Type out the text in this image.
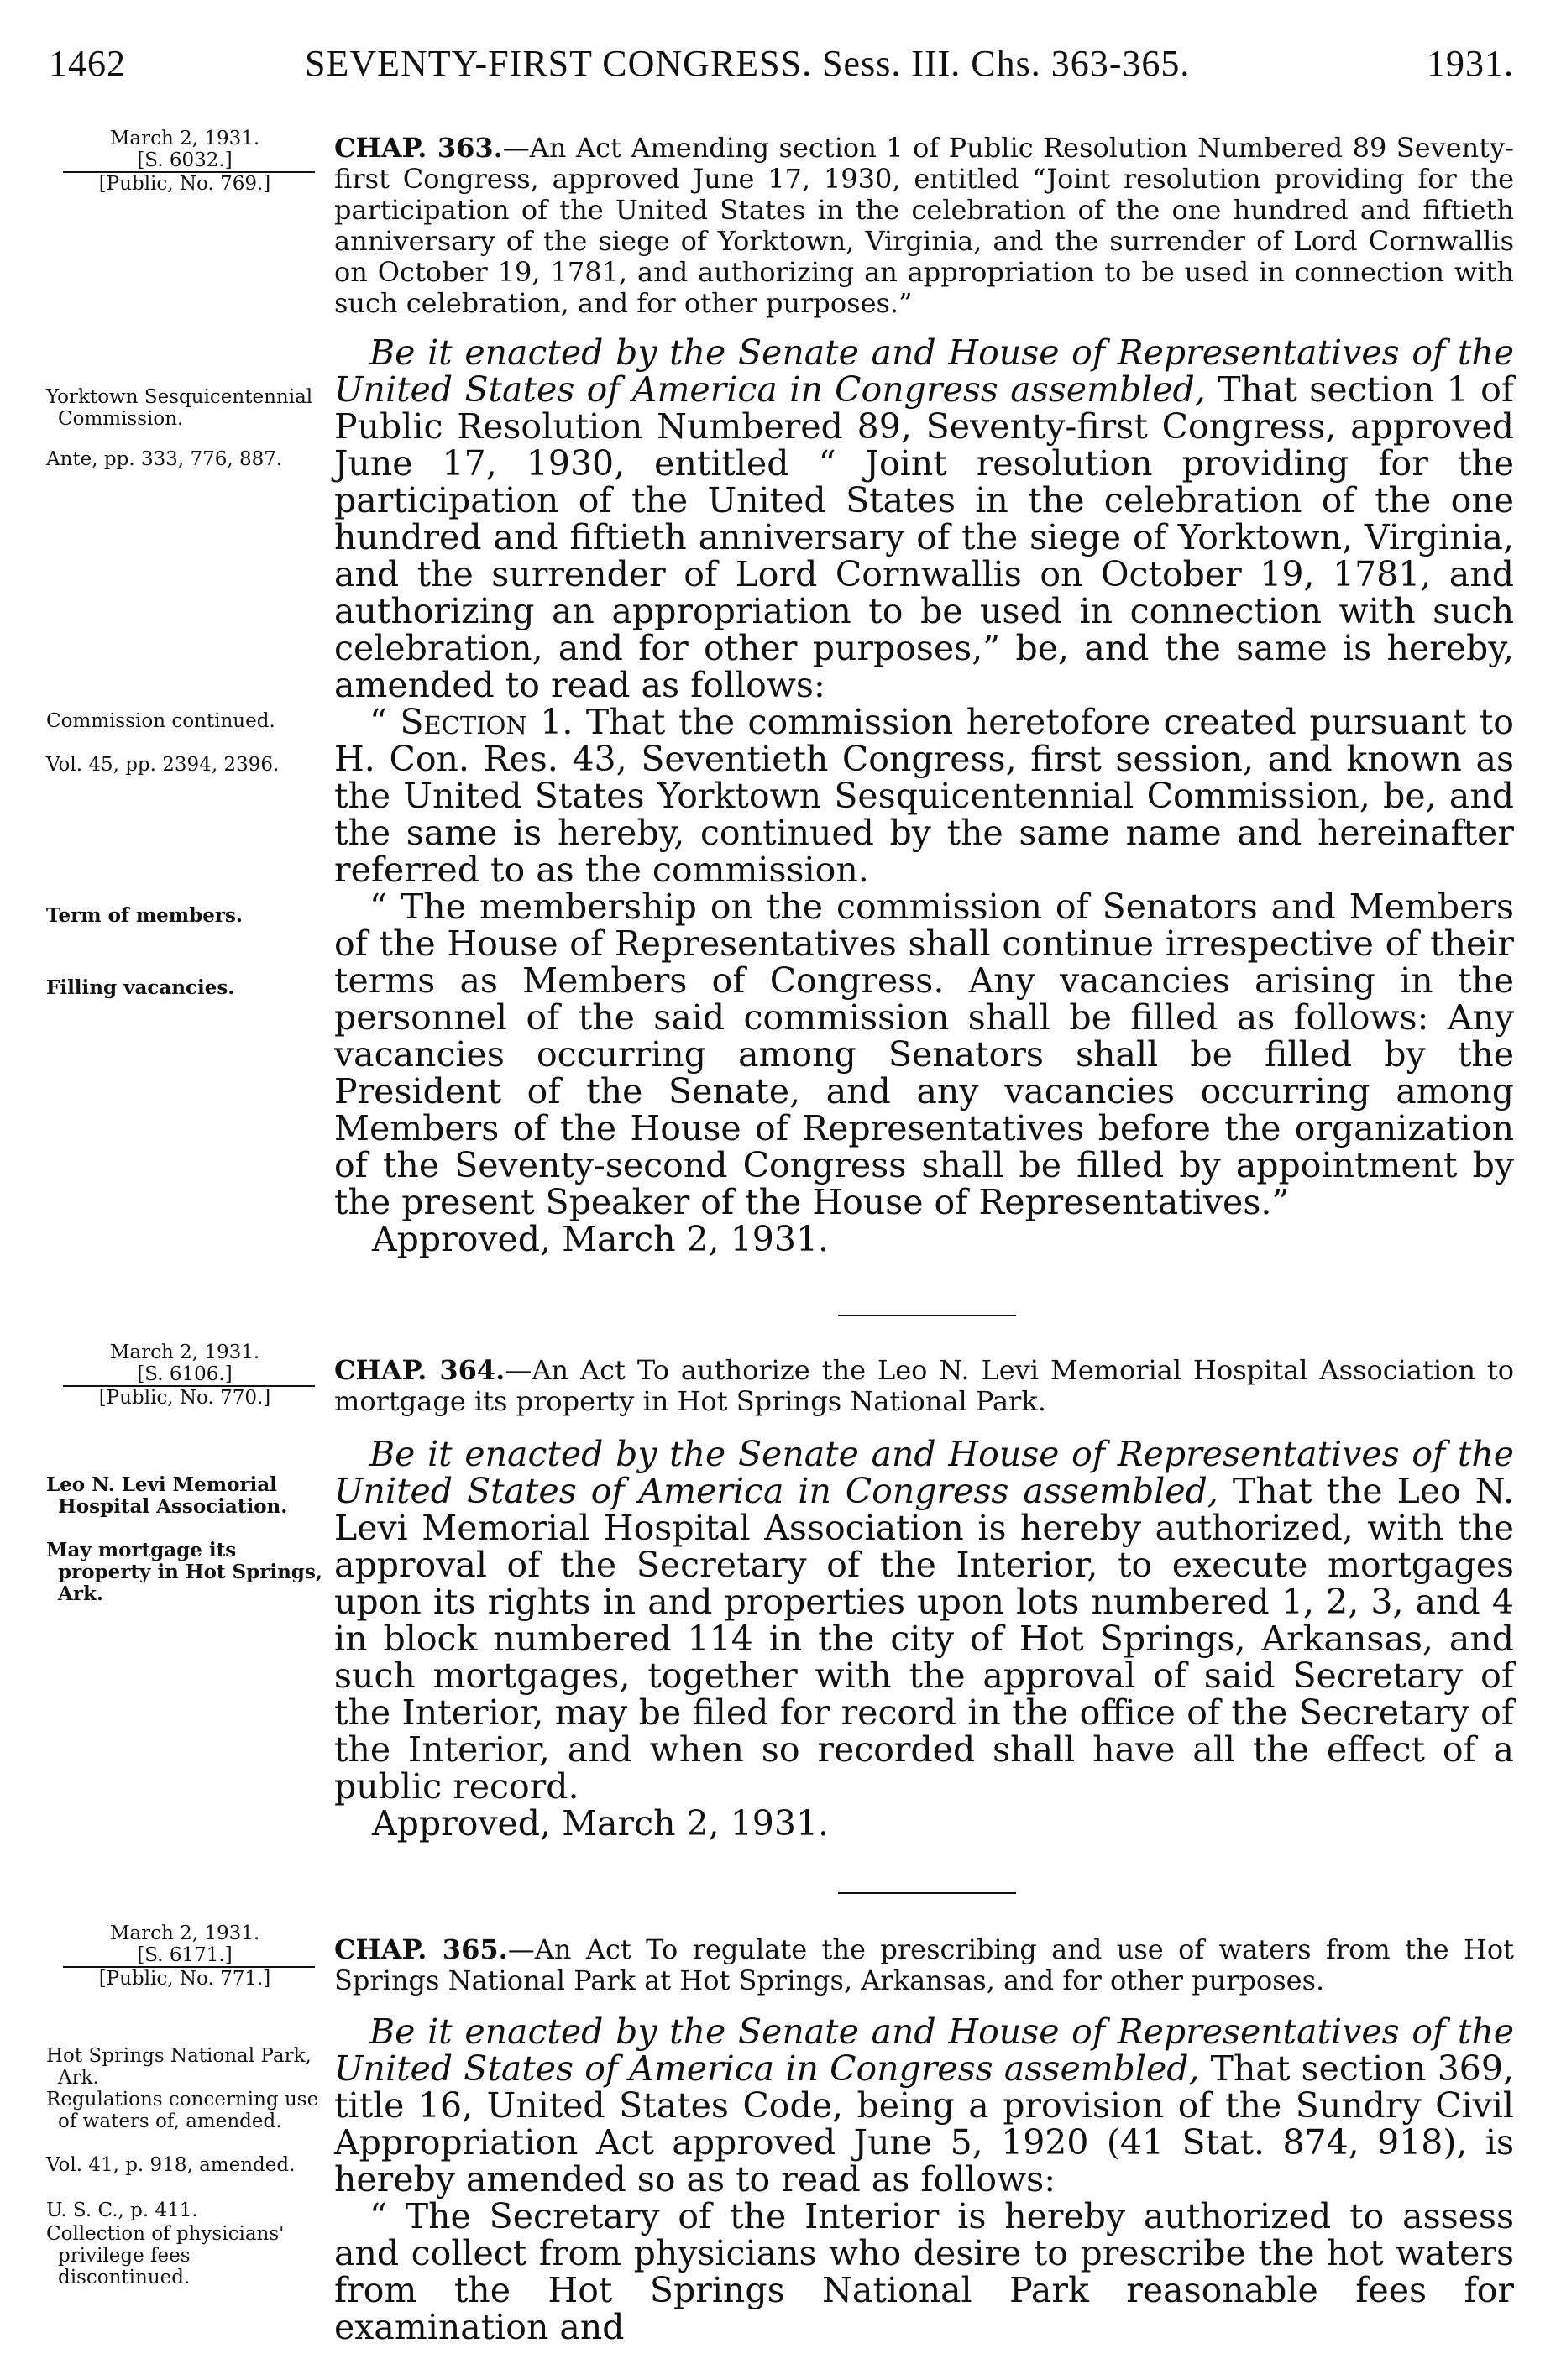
1462	SEVENTY-FIRST CONGRESS. Sess. III. Chs. 363-365.	1931.
March 2, 1931.
[S. 6032.]
[Public, No. 769.]
CHAP. 363.—An Act Amending section 1 of Public Resolution Numbered 89 Seventy-first Congress, approved June 17, 1930, entitled “Joint resolution providing for the participation of the United States in the celebration of the one hundred and fiftieth anniversary of the siege of Yorktown, Virginia, and the surrender of Lord Cornwallis on October 19, 1781, and authorizing an appropriation to be used in connection with such celebration, and for other purposes.”
Yorktown Sesquicentennial Commission.
Ante, pp. 333, 776, 887.
Commission continued.
Vol. 45, pp. 2394, 2396.
Term of members.
Filling vacancies.

Be it enacted by the Senate and House of Representatives of the United States of America in Congress assembled, That section 1 of Public Resolution Numbered 89, Seventy-first Congress, approved June 17, 1930, entitled “ Joint resolution providing for the participation of the United States in the celebration of the one hundred and fiftieth anniversary of the siege of Yorktown, Virginia, and the surrender of Lord Cornwallis on October 19, 1781, and authorizing an appropriation to be used in connection with such celebration, and for other purposes,” be, and the same is hereby, amended to read as follows:

“ Section 1. That the commission heretofore created pursuant to H. Con. Res. 43, Seventieth Congress, first session, and known as the United States Yorktown Sesquicentennial Commission, be, and the same is hereby, continued by the same name and hereinafter referred to as the commission.

“ The membership on the commission of Senators and Members of the House of Representatives shall continue irrespective of their terms as Members of Congress. Any vacancies arising in the personnel of the said commission shall be filled as follows: Any vacancies occurring among Senators shall be filled by the President of the Senate, and any vacancies occurring among Members of the House of Representatives before the organization of the Seventy-second Congress shall be filled by appointment by the present Speaker of the House of Representatives.”

Approved, March 2, 1931.
March 2, 1931.
[S. 6106.]
[Public, No. 770.]
CHAP. 364.—An Act To authorize the Leo N. Levi Memorial Hospital Association to mortgage its property in Hot Springs National Park.
Leo N. Levi Memorial Hospital Association.
May mortgage its property in Hot Springs, Ark.

Be it enacted by the Senate and House of Representatives of the United States of America in Congress assembled, That the Leo N. Levi Memorial Hospital Association is hereby authorized, with the approval of the Secretary of the Interior, to execute mortgages upon its rights in and properties upon lots numbered 1, 2, 3, and 4 in block numbered 114 in the city of Hot Springs, Arkansas, and such mortgages, together with the approval of said Secretary of the Interior, may be filed for record in the office of the Secretary of the Interior, and when so recorded shall have all the effect of a public record.

Approved, March 2, 1931.
March 2, 1931.
[S. 6171.]
[Public, No. 771.]
CHAP. 365.—An Act To regulate the prescribing and use of waters from the Hot Springs National Park at Hot Springs, Arkansas, and for other purposes.
Hot Springs National Park, Ark.
Regulations concerning use of waters of, amended.
Vol. 41, p. 918, amended.
U. S. C., p. 411.
Collection of physicians' privilege fees discontinued.

Be it enacted by the Senate and House of Representatives of the United States of America in Congress assembled, That section 369, title 16, United States Code, being a provision of the Sundry Civil Appropriation Act approved June 5, 1920 (41 Stat. 874, 918), is hereby amended so as to read as follows:

“ The Secretary of the Interior is hereby authorized to assess and collect from physicians who desire to prescribe the hot waters from the Hot Springs National Park reasonable fees for examination and
